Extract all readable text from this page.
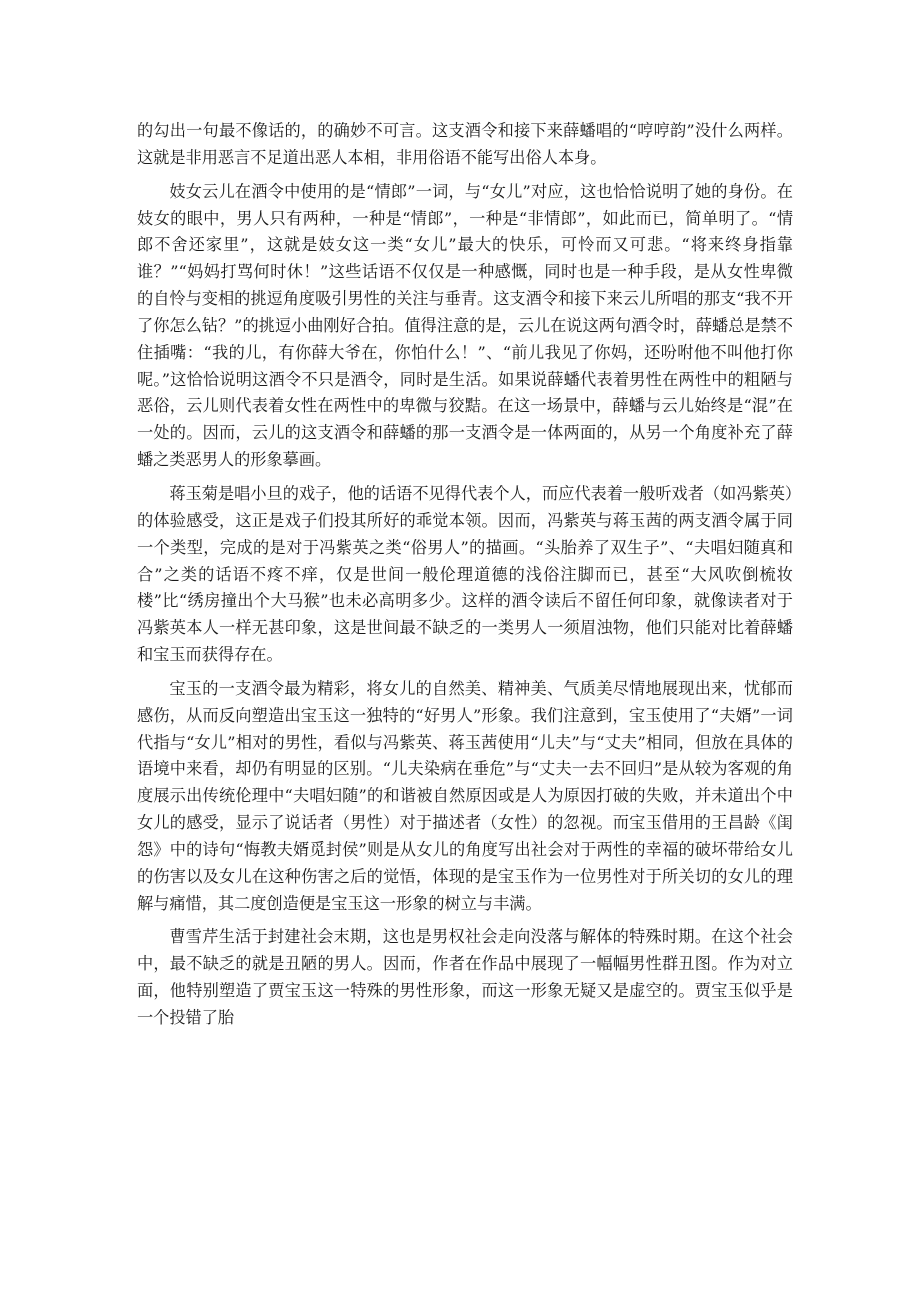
的勾出一句最不像话的，的确妙不可言。这支酒令和接下来薛蟠唱的“哼哼韵”没什么两样。这就是非用恶言不足道出恶人本相，非用俗语不能写出俗人本身。

妓女云儿在酒令中使用的是“情郎”一词，与“女儿”对应，这也恰恰说明了她的身份。在妓女的眼中，男人只有两种，一种是“情郎”，一种是“非情郎”，如此而已，简单明了。“情郎不舍还家里”，这就是妓女这一类“女儿”最大的快乐，可怜而又可悲。“将来终身指靠谁？”“妈妈打骂何时休！”这些话语不仅仅是一种感慨，同时也是一种手段，是从女性卑微的自怜与变相的挑逗角度吸引男性的关注与垂青。这支酒令和接下来云儿所唱的那支“我不开了你怎么钻？”的挑逗小曲刚好合拍。值得注意的是，云儿在说这两句酒令时，薛蟠总是禁不住插嘴：“我的儿，有你薛大爷在，你怕什么！”、“前儿我见了你妈，还吩咐他不叫他打你呢。”这恰恰说明这酒令不只是酒令，同时是生活。如果说薛蟠代表着男性在两性中的粗陋与恶俗，云儿则代表着女性在两性中的卑微与狡黠。在这一场景中，薛蟠与云儿始终是“混”在一处的。因而，云儿的这支酒令和薛蟠的那一支酒令是一体两面的，从另一个角度补充了薛蟠之类恶男人的形象摹画。

蒋玉菊是唱小旦的戏子，他的话语不见得代表个人，而应代表着一般听戏者（如冯紫英）的体验感受，这正是戏子们投其所好的乖觉本领。因而，冯紫英与蒋玉茜的两支酒令属于同一个类型，完成的是对于冯紫英之类“俗男人”的描画。“头胎养了双生子”、“夫唱妇随真和合”之类的话语不疼不痒，仅是世间一般伦理道德的浅俗注脚而已，甚至“大风吹倒梳妆楼”比“绣房撞出个大马猴”也未必高明多少。这样的酒令读后不留任何印象，就像读者对于冯紫英本人一样无甚印象，这是世间最不缺乏的一类男人一须眉浊物，他们只能对比着薛蟠和宝玉而获得存在。

宝玉的一支酒令最为精彩，将女儿的自然美、精神美、气质美尽情地展现出来，忧郁而感伤，从而反向塑造出宝玉这一独特的“好男人”形象。我们注意到，宝玉使用了“夫婿”一词代指与“女儿”相对的男性，看似与冯紫英、蒋玉茜使用“儿夫”与“丈夫”相同，但放在具体的语境中来看，却仍有明显的区别。“儿夫染病在垂危”与“丈夫一去不回归”是从较为客观的角度展示出传统伦理中“夫唱妇随”的和谐被自然原因或是人为原因打破的失败，并未道出个中女儿的感受，显示了说话者（男性）对于描述者（女性）的忽视。而宝玉借用的王昌龄《闺怨》中的诗句“悔教夫婿觅封侯”则是从女儿的角度写出社会对于两性的幸福的破坏带给女儿的伤害以及女儿在这种伤害之后的觉悟，体现的是宝玉作为一位男性对于所关切的女儿的理解与痛惜，其二度创造便是宝玉这一形象的树立与丰满。

曹雪芹生活于封建社会末期，这也是男权社会走向没落与解体的特殊时期。在这个社会中，最不缺乏的就是丑陋的男人。因而，作者在作品中展现了一幅幅男性群丑图。作为对立面，他特别塑造了贾宝玉这一特殊的男性形象，而这一形象无疑又是虚空的。贾宝玉似乎是一个投错了胎
